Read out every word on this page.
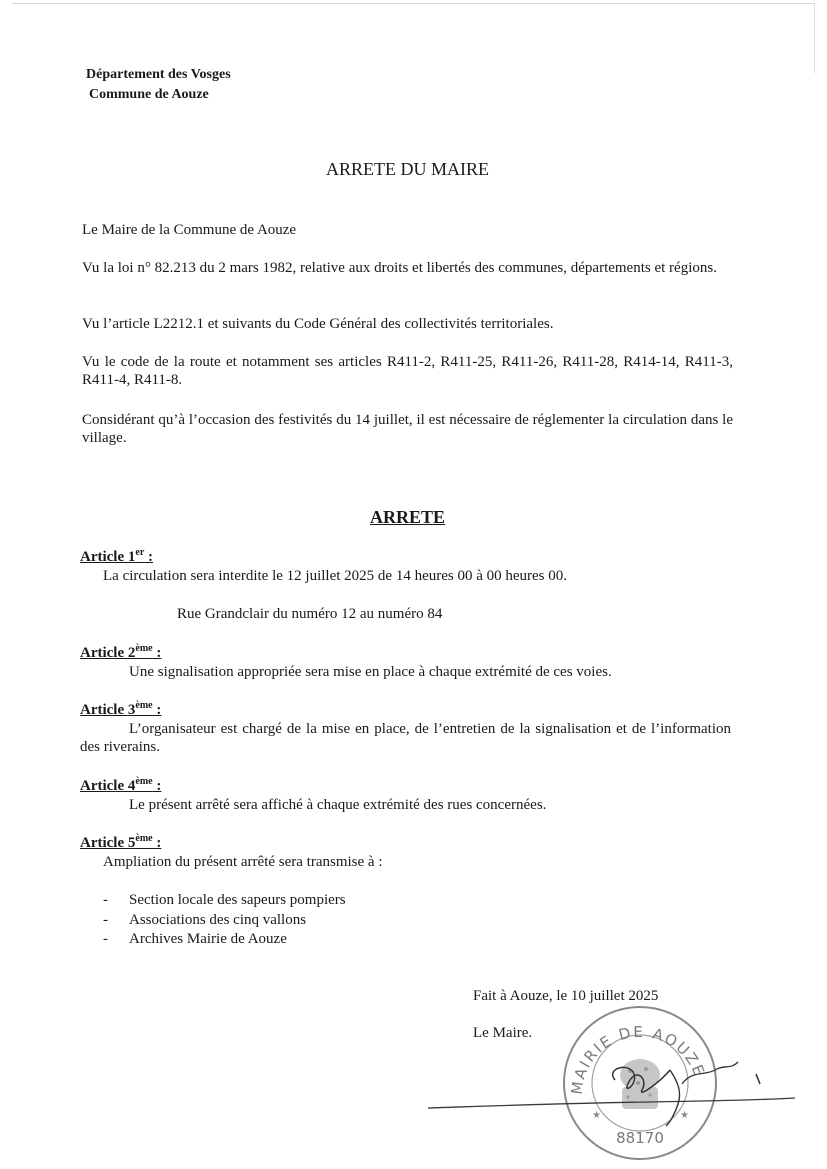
Département des Vosges
Commune de Aouze
ARRETE DU MAIRE

Le Maire de la Commune de Aouze

Vu la loi n° 82.213 du 2 mars 1982, relative aux droits et libertés des communes, départements et régions.

Vu l’article L2212.1 et suivants du Code Général des collectivités territoriales.

Vu le code de la route et notamment ses articles R411-2, R411-25, R411-26, R411-28, R414-14, R411-3, R411-4, R411-8.

Considérant qu’à l’occasion des festivités du 14 juillet, il est nécessaire de réglementer la circulation dans le village.

ARRETE
Article 1er :
La circulation sera interdite le 12 juillet 2025 de 14 heures 00 à 00 heures 00.
Rue Grandclair du numéro 12 au numéro 84
Article 2ème :
Une signalisation appropriée sera mise en place à chaque extrémité de ces voies.
Article 3ème :
L’organisateur est chargé de la mise en place, de l’entretien de la signalisation et de l’information des riverains.
Article 4ème :
Le présent arrêté sera affiché à chaque extrémité des rues concernées.
Article 5ème :
Ampliation du présent arrêté sera transmise à :
- Section locale des sapeurs pompiers
- Associations des cinq vallons
- Archives Mairie de Aouze
Fait à Aouze, le 10 juillet 2025
Le Maire.
MAIRIE DE AOUZE
88170
★	★
